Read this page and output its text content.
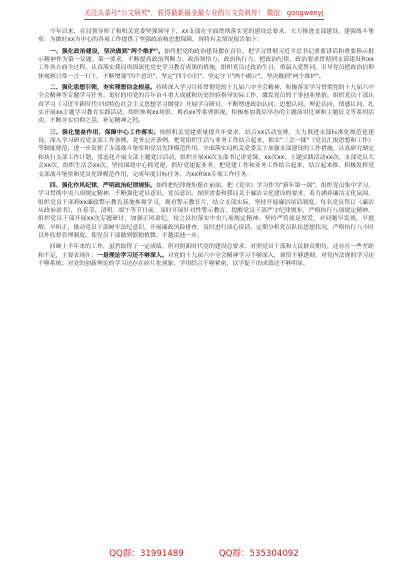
关注头条号"公文研究"，获得最新最全最专业的公文资料库！ 微信：gongwenyj

今年以来，在局领导班子和机关党委坚强领导下，xx支部在全面贯彻落实党的建设总要求，大力推进支部建设，建强战斗堡垒，为做好xx为中心的各项工作提供了坚强政治和思想保障。现将有关情况报告如下：

一、强化政治建设，坚决做到"两个维护"。始终把党的政治建设摆在首位，把学习贯彻习近平总书记重要讲话和重要指示批示精神作为第一议题、第一要求，不断提高政治判断力、政治领悟力、政治执行力。把政治纪律、政治要求贯彻到支部建设和xx工作各方面全过程。认真落实我局巩固深化党史学习教育成果的措施，组织党员过政治生日，重温入党誓词，引导党员把政治信仰体现到日常一言一行上，不断增强"四个意识"，坚定"四个自信"，坚定守卫"两个确立"，坚决做到"两个维护"。

二、强化思想引领，夯实理想信念根基。持续深入学习宣传贯彻党的十九届六中全会精神，积极落实学习贯彻党的十九届六中全会精神等专题学习任务。更好的用党的百年奋斗重大成就和历史经验指导实际工作，激发党员的干事创业热情。组织党员干部认真学习《习近平新时代中国特色社会主义思想学习纲要》开展学习研讨，不断增进政治认同、思想认同、理论认同、情感认同。扎实开展xx主题学习教育实践活动，组织参观xx场馆、观看xx等系列影视，积极参加我局举办的主题演讲比赛和主题征文等系列活动，不断夯实信仰之基、补足精神之钙。

三、强化堡垒作用，保障中心工作落实。按照机关党建质量提升年要求，结合xx活动安排，大力推进支部标准化规范化建设。深入学习研究党支部工作条例、党务公开条例，把党组织生活与业务工作结合起来，抓实"三会一课"《党员汇报思想和工作》等制度规范，进一步发挥了支部战斗堡垒和党员先锋模范作用。全面落实局机关党委关于加强支部建设的工作措施，认真研究制定和执行支部工作计划，常态化开展支部主题党日活动，组织开展xx次支部书记讲党课，xx次xx、主题实践活动xx次，支部党员大会xx次，组织生活会xx次。坚持围绕中心抓党建，抓好党建促业务，把党建工作和业务工作结合起来，结合起来推，积极发挥党支部战斗堡垒和党员先锋模范作用，完成年度目标任务，为xx和xx专项工作任务。

四、强化作风纪律，严明政治纪律规矩。始终把纪律规矩挺在前面，把《党章》学习作为"新年第一课"，组织党员集中学习，学习贯彻中央八项规定精神，不断强化党员意识，党员意识。按照省委和我局关于廉洁文化建设的要求，着力涵养廉洁文化氛围，组织党员干部到xx廉政警示教育基地参观学习，观看警示教育片，结合支部实际，坚持开展廉洁谈话制度，每名党员签订《廉洁从政承诺书》，在春节、清明、端午等节日前，及时开展针对性警示教育，提醒党员干部严守纪律规矩，严格执行八项规定精神，组织党员干部开展xx次专题研讨，加强正风肃纪，持之以恒落实中央八项规定精神。坚持严管就是厚爱，对问题早发现、早提醒、早纠正，推动党员干部树牢法纪意识，开展廉政风险排查，及时进行谈心谈话，定期分析党员队伍思想状况，严格执行八小时以外监督管理制度，使党员干部做到慎独慎微、不越雷池一步。

回顾上半年来的工作，虽然取得了一定成绩，但对照新时代党的建设总要求、对照党员干部和人民群众期待，还存在一些差距和不足，主要表现在：一是理论学习还不够深入。对党的十九届六中全会精神学习不够深入，领悟不够透彻，对党内法规的学习还不够系统；对党的创新理论的学习还存在碎片化现象，学用结合不够紧密，以学促干的成效还不够明显。

QQ群：31991489	QQ群：535304092
